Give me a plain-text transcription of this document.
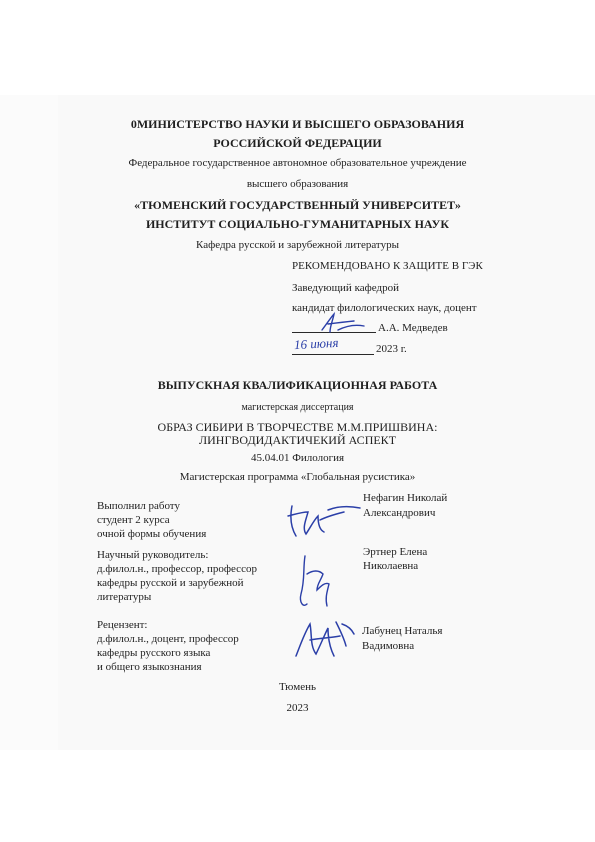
0МИНИСТЕРСТВО НАУКИ И ВЫСШЕГО ОБРАЗОВАНИЯ
РОССИЙСКОЙ ФЕДЕРАЦИИ
Федеральное государственное автономное образовательное учреждение
высшего образования
«ТЮМЕНСКИЙ ГОСУДАРСТВЕННЫЙ УНИВЕРСИТЕТ»
ИНСТИТУТ СОЦИАЛЬНО-ГУМАНИТАРНЫХ НАУК
Кафедра русской и зарубежной литературы
РЕКОМЕНДОВАНО К ЗАЩИТЕ В ГЭК
Заведующий кафедрой
кандидат филологических наук, доцент
А.А. Медведев
16 июня	2023 г.
ВЫПУСКНАЯ КВАЛИФИКАЦИОННАЯ РАБОТА
магистерская диссертация
ОБРАЗ СИБИРИ В ТВОРЧЕСТВЕ М.М.ПРИШВИНА:
ЛИНГВОДИДАКТИЧЕКИЙ АСПЕКТ
45.04.01 Филология
Магистерская программа «Глобальная русистика»
Выполнил работу
студент 2 курса
очной формы обучения
Нефагин Николай
Александрович
Научный руководитель:
д.филол.н., профессор, профессор
кафедры русской и зарубежной
литературы
Эртнер Елена
Николаевна
Рецензент:
д.филол.н., доцент, профессор
кафедры русского языка
и общего языкознания
Лабунец Наталья
Вадимовна
Тюмень
2023
